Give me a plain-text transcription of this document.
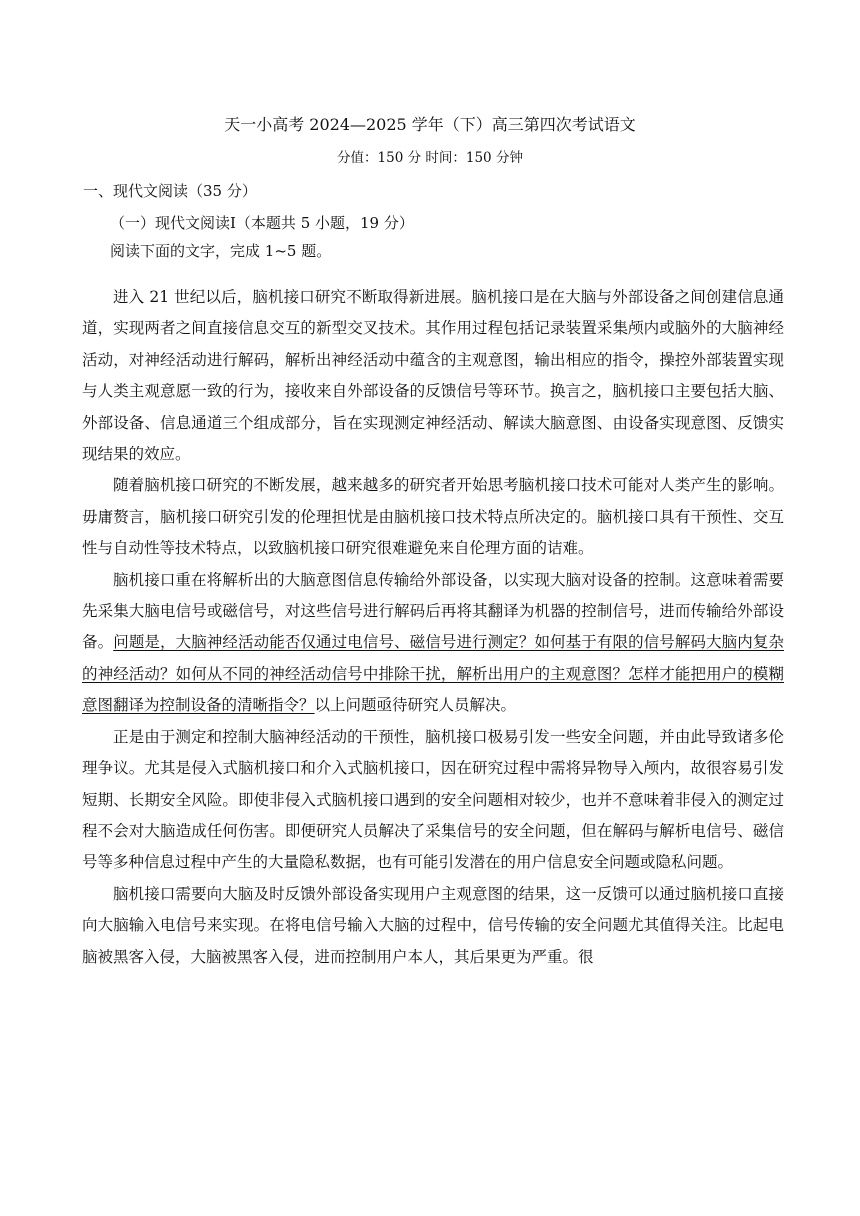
天一小高考 2024—2025 学年（下）高三第四次考试语文
分值：150 分 时间：150 分钟
一、现代文阅读（35 分）
（一）现代文阅读Ⅰ（本题共 5 小题，19 分）
阅读下面的文字，完成 1~5 题。

进入 21 世纪以后，脑机接口研究不断取得新进展。脑机接口是在大脑与外部设备之间创建信息通道，实现两者之间直接信息交互的新型交叉技术。其作用过程包括记录装置采集颅内或脑外的大脑神经活动，对神经活动进行解码，解析出神经活动中蕴含的主观意图，输出相应的指令，操控外部装置实现与人类主观意愿一致的行为，接收来自外部设备的反馈信号等环节。换言之，脑机接口主要包括大脑、外部设备、信息通道三个组成部分，旨在实现测定神经活动、解读大脑意图、由设备实现意图、反馈实现结果的效应。

随着脑机接口研究的不断发展，越来越多的研究者开始思考脑机接口技术可能对人类产生的影响。毋庸赘言，脑机接口研究引发的伦理担忧是由脑机接口技术特点所决定的。脑机接口具有干预性、交互性与自动性等技术特点，以致脑机接口研究很难避免来自伦理方面的诘难。

脑机接口重在将解析出的大脑意图信息传输给外部设备，以实现大脑对设备的控制。这意味着需要先采集大脑电信号或磁信号，对这些信号进行解码后再将其翻译为机器的控制信号，进而传输给外部设备。问题是，大脑神经活动能否仅通过电信号、磁信号进行测定？如何基于有限的信号解码大脑内复杂的神经活动？如何从不同的神经活动信号中排除干扰，解析出用户的主观意图？怎样才能把用户的模糊意图翻译为控制设备的清晰指令？以上问题亟待研究人员解决。

正是由于测定和控制大脑神经活动的干预性，脑机接口极易引发一些安全问题，并由此导致诸多伦理争议。尤其是侵入式脑机接口和介入式脑机接口，因在研究过程中需将异物导入颅内，故很容易引发短期、长期安全风险。即使非侵入式脑机接口遇到的安全问题相对较少，也并不意味着非侵入的测定过程不会对大脑造成任何伤害。即便研究人员解决了采集信号的安全问题，但在解码与解析电信号、磁信号等多种信息过程中产生的大量隐私数据，也有可能引发潜在的用户信息安全问题或隐私问题。

脑机接口需要向大脑及时反馈外部设备实现用户主观意图的结果，这一反馈可以通过脑机接口直接向大脑输入电信号来实现。在将电信号输入大脑的过程中，信号传输的安全问题尤其值得关注。比起电脑被黑客入侵，大脑被黑客入侵，进而控制用户本人，其后果更为严重。很
